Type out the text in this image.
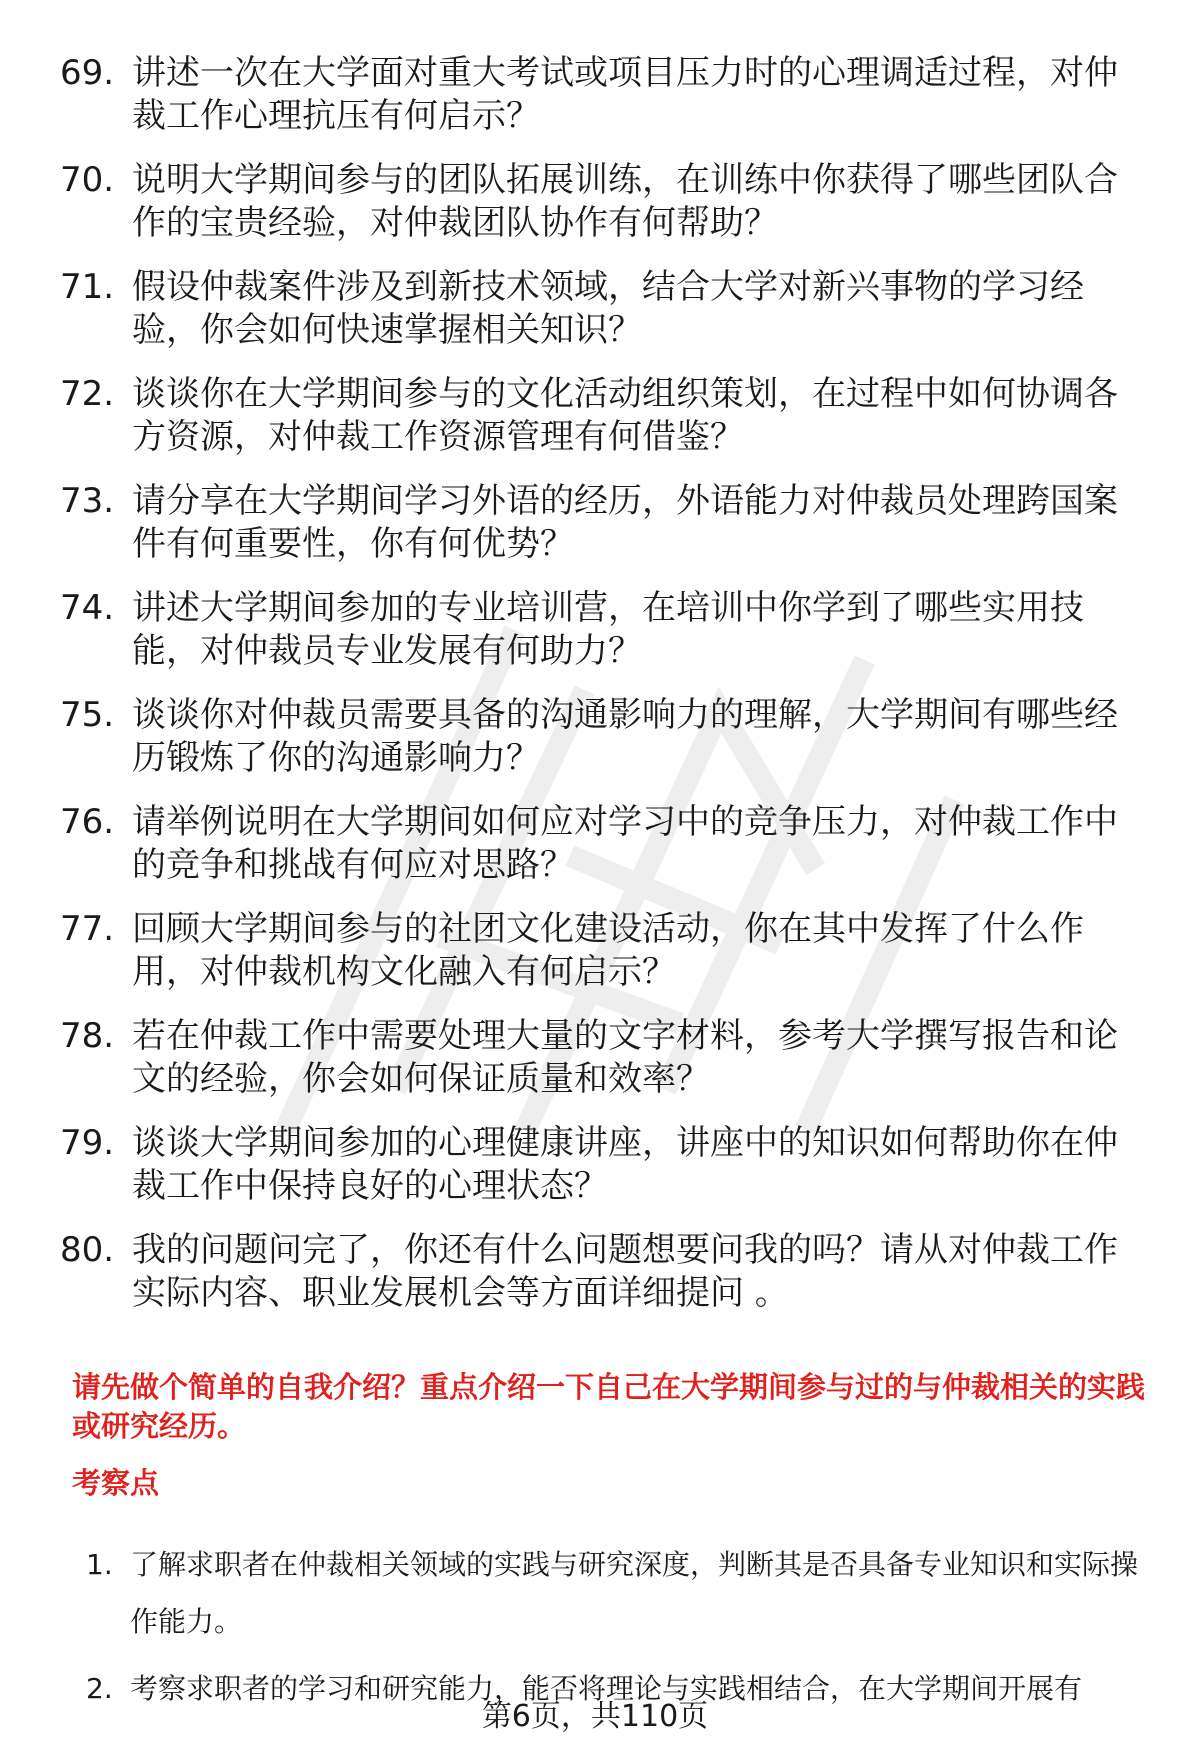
69. 讲述一次在大学面对重大考试或项目压力时的心理调适过程，对仲裁工作心理抗压有何启示？
70. 说明大学期间参与的团队拓展训练，在训练中你获得了哪些团队合作的宝贵经验，对仲裁团队协作有何帮助？
71. 假设仲裁案件涉及到新技术领域，结合大学对新兴事物的学习经验，你会如何快速掌握相关知识？
72. 谈谈你在大学期间参与的文化活动组织策划，在过程中如何协调各方资源，对仲裁工作资源管理有何借鉴？
73. 请分享在大学期间学习外语的经历，外语能力对仲裁员处理跨国案件有何重要性，你有何优势？
74. 讲述大学期间参加的专业培训营，在培训中你学到了哪些实用技能，对仲裁员专业发展有何助力？
75. 谈谈你对仲裁员需要具备的沟通影响力的理解，大学期间有哪些经历锻炼了你的沟通影响力？
76. 请举例说明在大学期间如何应对学习中的竞争压力，对仲裁工作中的竞争和挑战有何应对思路？
77. 回顾大学期间参与的社团文化建设活动，你在其中发挥了什么作用，对仲裁机构文化融入有何启示？
78. 若在仲裁工作中需要处理大量的文字材料，参考大学撰写报告和论文的经验，你会如何保证质量和效率？
79. 谈谈大学期间参加的心理健康讲座，讲座中的知识如何帮助你在仲裁工作中保持良好的心理状态？
80. 我的问题问完了，你还有什么问题想要问我的吗？请从对仲裁工作实际内容、职业发展机会等方面详细提问 。
请先做个简单的自我介绍？重点介绍一下自己在大学期间参与过的与仲裁相关的实践或研究经历。
考察点
1. 了解求职者在仲裁相关领域的实践与研究深度，判断其是否具备专业知识和实际操作能力。
2. 考察求职者的学习和研究能力，能否将理论与实践相结合，在大学期间开展有
第6页，共110页
